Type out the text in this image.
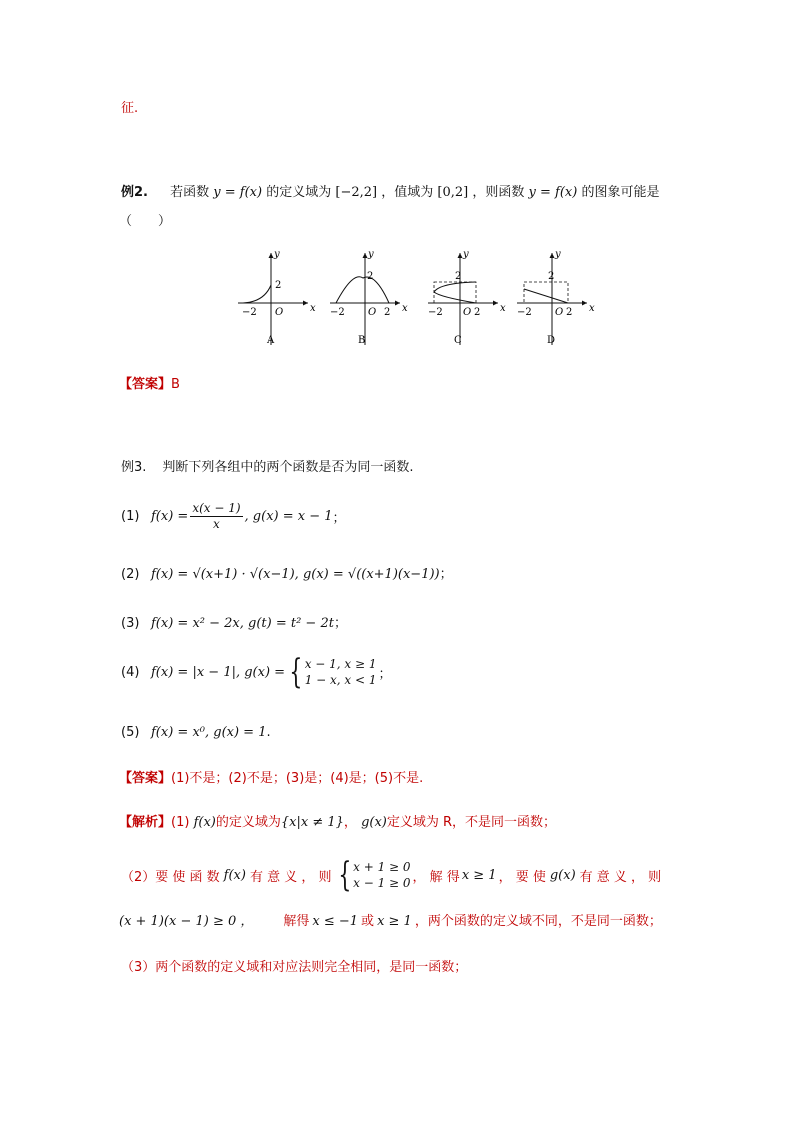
征.
例2. 若函数 y = f(x) 的定义域为 [−2,2] ，值域为 [0,2] ，则函数 y = f(x) 的图象可能是
（　　）
y
x
2
−2 O
A
y
x
2
−2 O 2
B
y
x
2
−2 O 2
C
y
x
2
−2 O 2
D
【答案】B
例3. 判断下列各组中的两个函数是否为同一函数.
(1) $f(x) = \frac{x(x - 1)}{x}$ , g(x) = x − 1 ；
(2) f(x) = √(x+1) · √(x−1), g(x) = √((x+1)(x−1))；
(3) f(x) = x² − 2x, g(t) = t² − 2t；
(4) f(x) = |x − 1|, g(x) = { x − 1, x ≥ 1
1 − x, x < 1 ；
(5) f(x) = x⁰, g(x) = 1.
【答案】(1)不是；(2)不是；(3)是；(4)是；(5)不是.
【解析】(1) f(x)的定义域为{x|x ≠ 1}， g(x)定义域为 R，不是同一函数；
（2）要 使 函 数 f(x) 有 意 义 ， 则 { x + 1 ≥ 0
x − 1 ≥ 0 ， 解 得 x ≥ 1 ， 要 使 g(x) 有 意 义 ， 则
(x + 1)(x − 1) ≥ 0 ， 解得 x ≤ −1 或 x ≥ 1 ，两个函数的定义域不同，不是同一函数；
（3）两个函数的定义域和对应法则完全相同，是同一函数；
